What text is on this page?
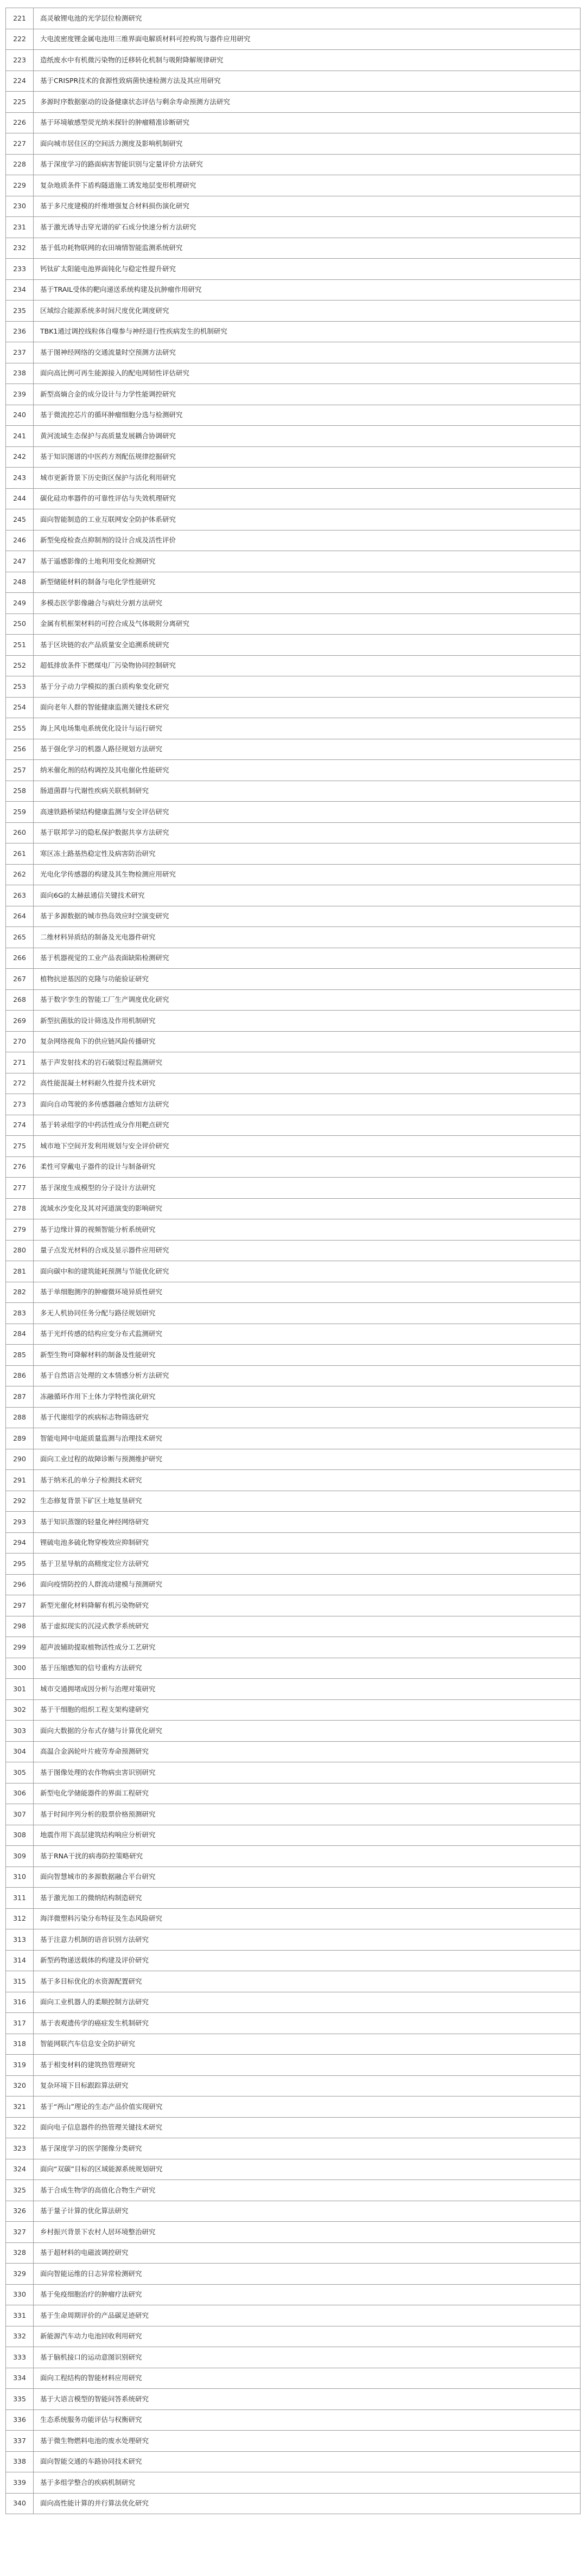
221	高灵敏锂电池的光学层位检测研究
222	大电流密度锂金属电池用三维界面电解质材料可控构筑与器件应用研究
223	造纸废水中有机微污染物的迁移转化机制与吸附降解规律研究
224	基于CRISPR技术的食源性致病菌快速检测方法及其应用研究
225	多源时序数据驱动的设备健康状态评估与剩余寿命预测方法研究
226	基于环境敏感型荧光纳米探针的肿瘤精准诊断研究
227	面向城市居住区的空间活力测度及影响机制研究
228	基于深度学习的路面病害智能识别与定量评价方法研究
229	复杂地质条件下盾构隧道施工诱发地层变形机理研究
230	基于多尺度建模的纤维增强复合材料损伤演化研究
231	基于激光诱导击穿光谱的矿石成分快速分析方法研究
232	基于低功耗物联网的农田墒情智能监测系统研究
233	钙钛矿太阳能电池界面钝化与稳定性提升研究
234	基于TRAIL受体的靶向递送系统构建及抗肿瘤作用研究
235	区域综合能源系统多时间尺度优化调度研究
236	TBK1通过调控线粒体自噬参与神经退行性疾病发生的机制研究
237	基于图神经网络的交通流量时空预测方法研究
238	面向高比例可再生能源接入的配电网韧性评估研究
239	新型高熵合金的成分设计与力学性能调控研究
240	基于微流控芯片的循环肿瘤细胞分选与检测研究
241	黄河流域生态保护与高质量发展耦合协调研究
242	基于知识图谱的中医药方剂配伍规律挖掘研究
243	城市更新背景下历史街区保护与活化利用研究
244	碳化硅功率器件的可靠性评估与失效机理研究
245	面向智能制造的工业互联网安全防护体系研究
246	新型免疫检查点抑制剂的设计合成及活性评价
247	基于遥感影像的土地利用变化检测研究
248	新型储能材料的制备与电化学性能研究
249	多模态医学影像融合与病灶分割方法研究
250	金属有机框架材料的可控合成及气体吸附分离研究
251	基于区块链的农产品质量安全追溯系统研究
252	超低排放条件下燃煤电厂污染物协同控制研究
253	基于分子动力学模拟的蛋白质构象变化研究
254	面向老年人群的智能健康监测关键技术研究
255	海上风电场集电系统优化设计与运行研究
256	基于强化学习的机器人路径规划方法研究
257	纳米催化剂的结构调控及其电催化性能研究
258	肠道菌群与代谢性疾病关联机制研究
259	高速铁路桥梁结构健康监测与安全评估研究
260	基于联邦学习的隐私保护数据共享方法研究
261	寒区冻土路基热稳定性及病害防治研究
262	光电化学传感器的构建及其生物检测应用研究
263	面向6G的太赫兹通信关键技术研究
264	基于多源数据的城市热岛效应时空演变研究
265	二维材料异质结的制备及光电器件研究
266	基于机器视觉的工业产品表面缺陷检测研究
267	植物抗逆基因的克隆与功能验证研究
268	基于数字孪生的智能工厂生产调度优化研究
269	新型抗菌肽的设计筛选及作用机制研究
270	复杂网络视角下的供应链风险传播研究
271	基于声发射技术的岩石破裂过程监测研究
272	高性能混凝土材料耐久性提升技术研究
273	面向自动驾驶的多传感器融合感知方法研究
274	基于转录组学的中药活性成分作用靶点研究
275	城市地下空间开发利用规划与安全评价研究
276	柔性可穿戴电子器件的设计与制备研究
277	基于深度生成模型的分子设计方法研究
278	流域水沙变化及其对河道演变的影响研究
279	基于边缘计算的视频智能分析系统研究
280	量子点发光材料的合成及显示器件应用研究
281	面向碳中和的建筑能耗预测与节能优化研究
282	基于单细胞测序的肿瘤微环境异质性研究
283	多无人机协同任务分配与路径规划研究
284	基于光纤传感的结构应变分布式监测研究
285	新型生物可降解材料的制备及性能研究
286	基于自然语言处理的文本情感分析方法研究
287	冻融循环作用下土体力学特性演化研究
288	基于代谢组学的疾病标志物筛选研究
289	智能电网中电能质量监测与治理技术研究
290	面向工业过程的故障诊断与预测维护研究
291	基于纳米孔的单分子检测技术研究
292	生态修复背景下矿区土地复垦研究
293	基于知识蒸馏的轻量化神经网络研究
294	锂硫电池多硫化物穿梭效应抑制研究
295	基于卫星导航的高精度定位方法研究
296	面向疫情防控的人群流动建模与预测研究
297	新型光催化材料降解有机污染物研究
298	基于虚拟现实的沉浸式教学系统研究
299	超声波辅助提取植物活性成分工艺研究
300	基于压缩感知的信号重构方法研究
301	城市交通拥堵成因分析与治理对策研究
302	基于干细胞的组织工程支架构建研究
303	面向大数据的分布式存储与计算优化研究
304	高温合金涡轮叶片疲劳寿命预测研究
305	基于图像处理的农作物病虫害识别研究
306	新型电化学储能器件的界面工程研究
307	基于时间序列分析的股票价格预测研究
308	地震作用下高层建筑结构响应分析研究
309	基于RNA干扰的病毒防控策略研究
310	面向智慧城市的多源数据融合平台研究
311	基于激光加工的微纳结构制造研究
312	海洋微塑料污染分布特征及生态风险研究
313	基于注意力机制的语音识别方法研究
314	新型药物递送载体的构建及评价研究
315	基于多目标优化的水资源配置研究
316	面向工业机器人的柔顺控制方法研究
317	基于表观遗传学的癌症发生机制研究
318	智能网联汽车信息安全防护研究
319	基于相变材料的建筑热管理研究
320	复杂环境下目标跟踪算法研究
321	基于“两山”理论的生态产品价值实现研究
322	面向电子信息器件的热管理关键技术研究
323	基于深度学习的医学图像分类研究
324	面向“双碳”目标的区域能源系统规划研究
325	基于合成生物学的高值化合物生产研究
326	基于量子计算的优化算法研究
327	乡村振兴背景下农村人居环境整治研究
328	基于超材料的电磁波调控研究
329	面向智能运维的日志异常检测研究
330	基于免疫细胞治疗的肿瘤疗法研究
331	基于生命周期评价的产品碳足迹研究
332	新能源汽车动力电池回收利用研究
333	基于脑机接口的运动意图识别研究
334	面向工程结构的智能材料应用研究
335	基于大语言模型的智能问答系统研究
336	生态系统服务功能评估与权衡研究
337	基于微生物燃料电池的废水处理研究
338	面向智能交通的车路协同技术研究
339	基于多组学整合的疾病机制研究
340	面向高性能计算的并行算法优化研究
